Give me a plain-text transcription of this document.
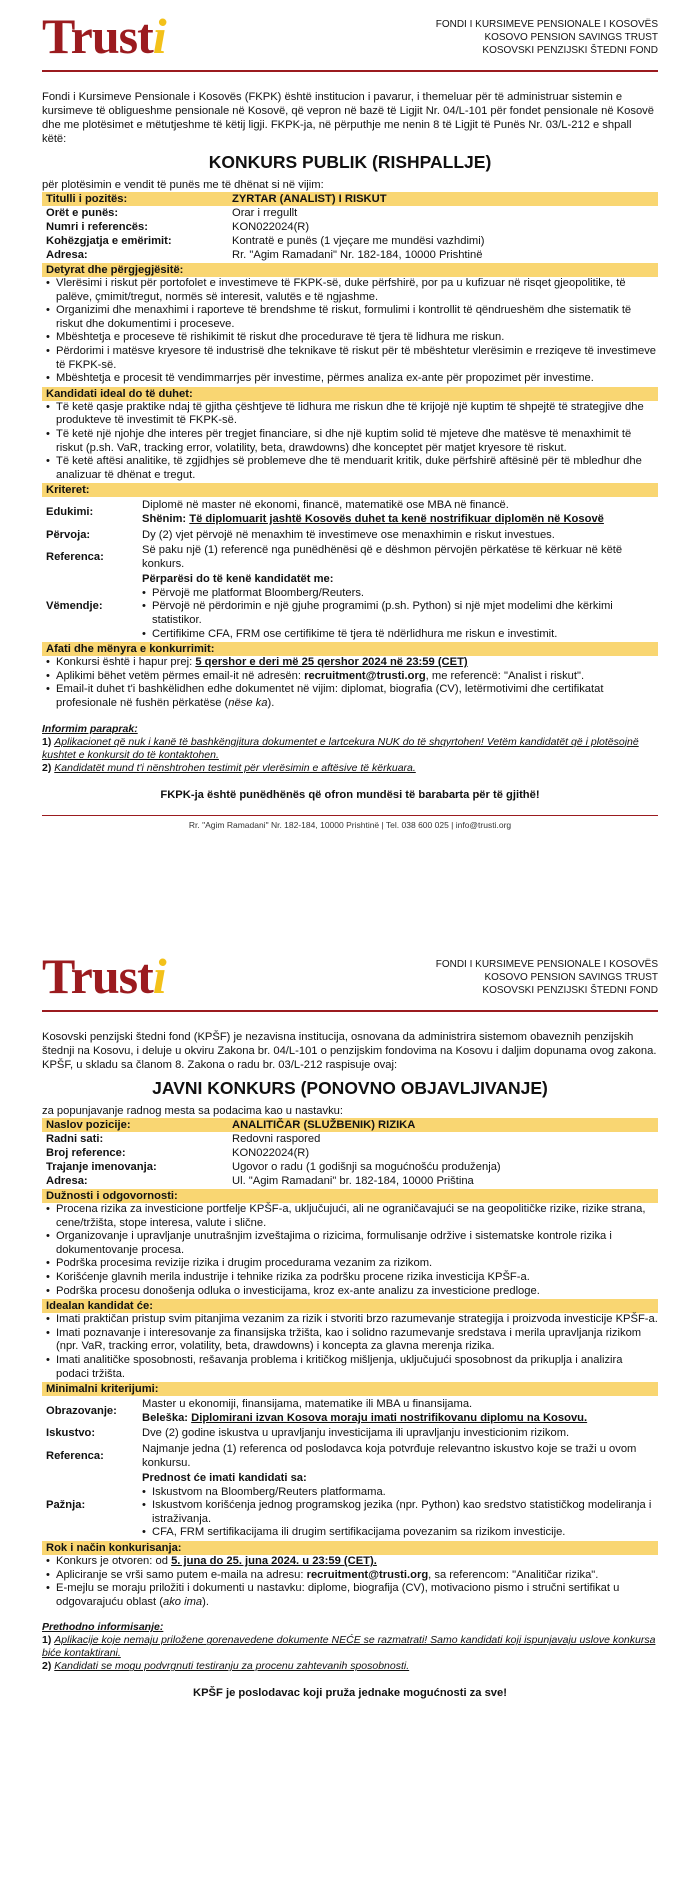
Trusti	FONDI I KURSIMEVE PENSIONALE I KOSOVËS
KOSOVO PENSION SAVINGS TRUST
KOSOVSKI PENZIJSKI ŠTEDNI FOND
Fondi i Kursimeve Pensionale i Kosovës (FKPK) është institucion i pavarur, i themeluar për të administruar sistemin e kursimeve të obligueshme pensionale në Kosovë, që vepron në bazë të Ligjit Nr. 04/L-101 për fondet pensionale në Kosovë dhe me plotësimet e mëtutjeshme të këtij ligji. FKPK-ja, në përputhje me nenin 8 të Ligjit të Punës Nr. 03/L-212 e shpall këtë:
KONKURS PUBLIK (RISHPALLJE)
për plotësimin e vendit të punës me të dhënat si në vijim:
Titulli i pozitës:	ZYRTAR (ANALIST) I RISKUT
Orët e punës:	Orar i rregullt
Numri i referencës:	KON022024(R)
Kohëzgjatja e emërimit:	Kontratë e punës (1 vjeçare me mundësi vazhdimi)
Adresa:	Rr. "Agim Ramadani" Nr. 182-184, 10000 Prishtinë
Detyrat dhe përgjegjësitë:
• Vlerësimi i riskut për portofolet e investimeve të FKPK-së, duke përfshirë, por pa u kufizuar në risqet gjeopolitike, të palëve, çmimit/tregut, normës së interesit, valutës e të ngjashme.
• Organizimi dhe menaxhimi i raporteve të brendshme të riskut, formulimi i kontrollit të qëndrueshëm dhe sistematik të riskut dhe dokumentimi i proceseve.
• Mbështetja e proceseve të rishikimit të riskut dhe procedurave të tjera të lidhura me riskun.
• Përdorimi i matësve kryesore të industrisë dhe teknikave të riskut për të mbështetur vlerësimin e rreziqeve të investimeve të FKPK-së.
• Mbështetja e procesit të vendimmarrjes për investime, përmes analiza ex-ante për propozimet për investime.
Kandidati ideal do të duhet:
• Të ketë qasje praktike ndaj të gjitha çështjeve të lidhura me riskun dhe të krijojë një kuptim të shpejtë të strategjive dhe produkteve të investimit të FKPK-së.
• Të ketë një njohje dhe interes për tregjet financiare, si dhe një kuptim solid të mjeteve dhe matësve të menaxhimit të riskut (p.sh. VaR, tracking error, volatility, beta, drawdowns) dhe konceptet për matjet kryesore të riskut.
• Të ketë aftësi analitike, të zgjidhjes së problemeve dhe të menduarit kritik, duke përfshirë aftësinë për të mbledhur dhe analizuar të dhënat e tregut.
Kriteret:
Edukimi:
Diplomë në master në ekonomi, financë, matematikë ose MBA në financë.
Shënim: Të diplomuarit jashtë Kosovës duhet ta kenë nostrifikuar diplomën në Kosovë
Përvoja:	Dy (2) vjet përvojë në menaxhim të investimeve ose menaxhimin e riskut investues.
Referenca:
Së paku një (1) referencë nga punëdhënësi që e dëshmon përvojën përkatëse të kërkuar në këtë konkurs.
Vëmendje:
Përparësi do të kenë kandidatët me:
• Përvojë me platformat Bloomberg/Reuters.
• Përvojë në përdorimin e një gjuhe programimi (p.sh. Python) si një mjet modelimi dhe kërkimi statistikor.
• Certifikime CFA, FRM ose certifikime të tjera të ndërlidhura me riskun e investimit.
Afati dhe mënyra e konkurrimit:
• Konkursi është i hapur prej: 5 qershor e deri më 25 qershor 2024 në 23:59 (CET)
• Aplikimi bëhet vetëm përmes email-it në adresën: recruitment@trusti.org, me referencë: "Analist i riskut".
• Email-it duhet t'i bashkëlidhen edhe dokumentet në vijim: diplomat, biografia (CV), letërmotivimi dhe certifikatat profesionale në fushën përkatëse (nëse ka).
Informim paraprak:
1) Aplikacionet që nuk i kanë të bashkëngjitura dokumentet e lartcekura NUK do të shqyrtohen! Vetëm kandidatët që i plotësojnë kushtet e konkursit do të kontaktohen.
2) Kandidatët mund t'i nënshtrohen testimit për vlerësimin e aftësive të kërkuara.
FKPK-ja është punëdhënës që ofron mundësi të barabarta për të gjithë!
Rr. "Agim Ramadani" Nr. 182-184, 10000 Prishtinë | Tel. 038 600 025 | info@trusti.org
Trusti	FONDI I KURSIMEVE PENSIONALE I KOSOVËS
KOSOVO PENSION SAVINGS TRUST
KOSOVSKI PENZIJSKI ŠTEDNI FOND
Kosovski penzijski štedni fond (KPŠF) je nezavisna institucija, osnovana da administrira sistemom obaveznih penzijskih štednji na Kosovu, i deluje u okviru Zakona br. 04/L-101 o penzijskim fondovima na Kosovu i daljim dopunama ovog zakona. KPŠF, u skladu sa članom 8. Zakona o radu br. 03/L-212 raspisuje ovaj:
JAVNI KONKURS (PONOVNO OBJAVLJIVANJE)
za popunjavanje radnog mesta sa podacima kao u nastavku:
Naslov pozicije:	ANALITIČAR (SLUŽBENIK) RIZIKA
Radni sati:	Redovni raspored
Broj reference:	KON022024(R)
Trajanje imenovanja:	Ugovor o radu (1 godišnji sa mogućnošću produženja)
Adresa:	Ul. "Agim Ramadani" br. 182-184, 10000 Priština
Dužnosti i odgovornosti:
• Procena rizika za investicione portfelje KPŠF-a, uključujući, ali ne ograničavajući se na geopolitičke rizike, rizike strana, cene/tržišta, stope interesa, valute i slične.
• Organizovanje i upravljanje unutrašnjim izveštajima o rizicima, formulisanje održive i sistematske kontrole rizika i dokumentovanje procesa.
• Podrška procesima revizije rizika i drugim procedurama vezanim za rizikom.
• Korišćenje glavnih merila industrije i tehnike rizika za podršku procene rizika investicija KPŠF-a.
• Podrška procesu donošenja odluka o investicijama, kroz ex-ante analizu za investicione predloge.
Idealan kandidat će:
• Imati praktičan pristup svim pitanjima vezanim za rizik i stvoriti brzo razumevanje strategija i proizvoda investicije KPŠF-a.
• Imati poznavanje i interesovanje za finansijska tržišta, kao i solidno razumevanje sredstava i merila upravljanja rizikom (npr. VaR, tracking error, volatility, beta, drawdowns) i koncepta za glavna merenja rizika.
• Imati analitičke sposobnosti, rešavanja problema i kritičkog mišljenja, uključujući sposobnost da prikuplja i analizira podaci tržišta.
Minimalni kriterijumi:
Obrazovanje:
Master u ekonomiji, finansijama, matematike ili MBA u finansijama.
Beleška: Diplomirani izvan Kosova moraju imati nostrifikovanu diplomu na Kosovu.
Iskustvo:	Dve (2) godine iskustva u upravljanju investicijama ili upravljanju investicionim rizikom.
Referenca:
Najmanje jedna (1) referenca od poslodavca koja potvrđuje relevantno iskustvo koje se traži u ovom konkursu.
Pažnja:
Prednost će imati kandidati sa:
• Iskustvom na Bloomberg/Reuters platformama.
• Iskustvom korišćenja jednog programskog jezika (npr. Python) kao sredstvo statističkog modeliranja i istraživanja.
• CFA, FRM sertifikacijama ili drugim sertifikacijama povezanim sa rizikom investicije.
Rok i način konkurisanja:
• Konkurs je otvoren: od 5. juna do 25. juna 2024. u 23:59 (CET).
• Apliciranje se vrši samo putem e-maila na adresu: recruitment@trusti.org, sa referencom: "Analitičar rizika".
• E-mejlu se moraju priložiti i dokumenti u nastavku: diplome, biografija (CV), motivaciono pismo i stručni sertifikat u odgovarajuću oblast (ako ima).
Prethodno informisanje:
1) Aplikacije koje nemaju priložene gorenavedene dokumente NEĆE se razmatrati! Samo kandidati koji ispunjavaju uslove konkursa biće kontaktirani.
2) Kandidati se mogu podvrgnuti testiranju za procenu zahtevanih sposobnosti.
KPŠF je poslodavac koji pruža jednake mogućnosti za sve!
